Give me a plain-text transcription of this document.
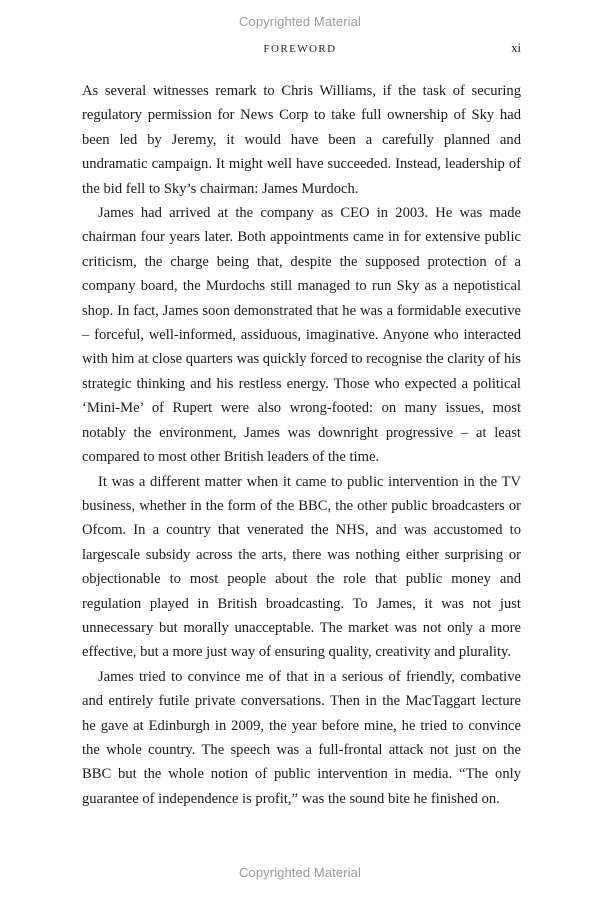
Copyrighted Material
FOREWORD	xi

As several witnesses remark to Chris Williams, if the task of securing regulatory permission for News Corp to take full ownership of Sky had been led by Jeremy, it would have been a carefully planned and undramatic campaign. It might well have succeeded. Instead, leadership of the bid fell to Sky’s chairman: James Murdoch.

James had arrived at the company as CEO in 2003. He was made chairman four years later. Both appointments came in for extensive public criticism, the charge being that, despite the supposed protection of a company board, the Murdochs still managed to run Sky as a nepotistical shop. In fact, James soon demonstrated that he was a formidable executive – forceful, well-informed, assiduous, imaginative. Anyone who interacted with him at close quarters was quickly forced to recognise the clarity of his strategic thinking and his restless energy. Those who expected a political ‘Mini-Me’ of Rupert were also wrong-footed: on many issues, most notably the environment, James was downright progressive – at least compared to most other British leaders of the time.

It was a different matter when it came to public intervention in the TV business, whether in the form of the BBC, the other public broadcasters or Ofcom. In a country that venerated the NHS, and was accustomed to largescale subsidy across the arts, there was nothing either surprising or objectionable to most people about the role that public money and regulation played in British broadcasting. To James, it was not just unnecessary but morally unacceptable. The market was not only a more effective, but a more just way of ensuring quality, creativity and plurality.

James tried to convince me of that in a serious of friendly, combative and entirely futile private conversations. Then in the MacTaggart lecture he gave at Edinburgh in 2009, the year before mine, he tried to convince the whole country. The speech was a full-frontal attack not just on the BBC but the whole notion of public intervention in media. “The only guarantee of independence is profit,” was the sound bite he finished on.

Copyrighted Material
